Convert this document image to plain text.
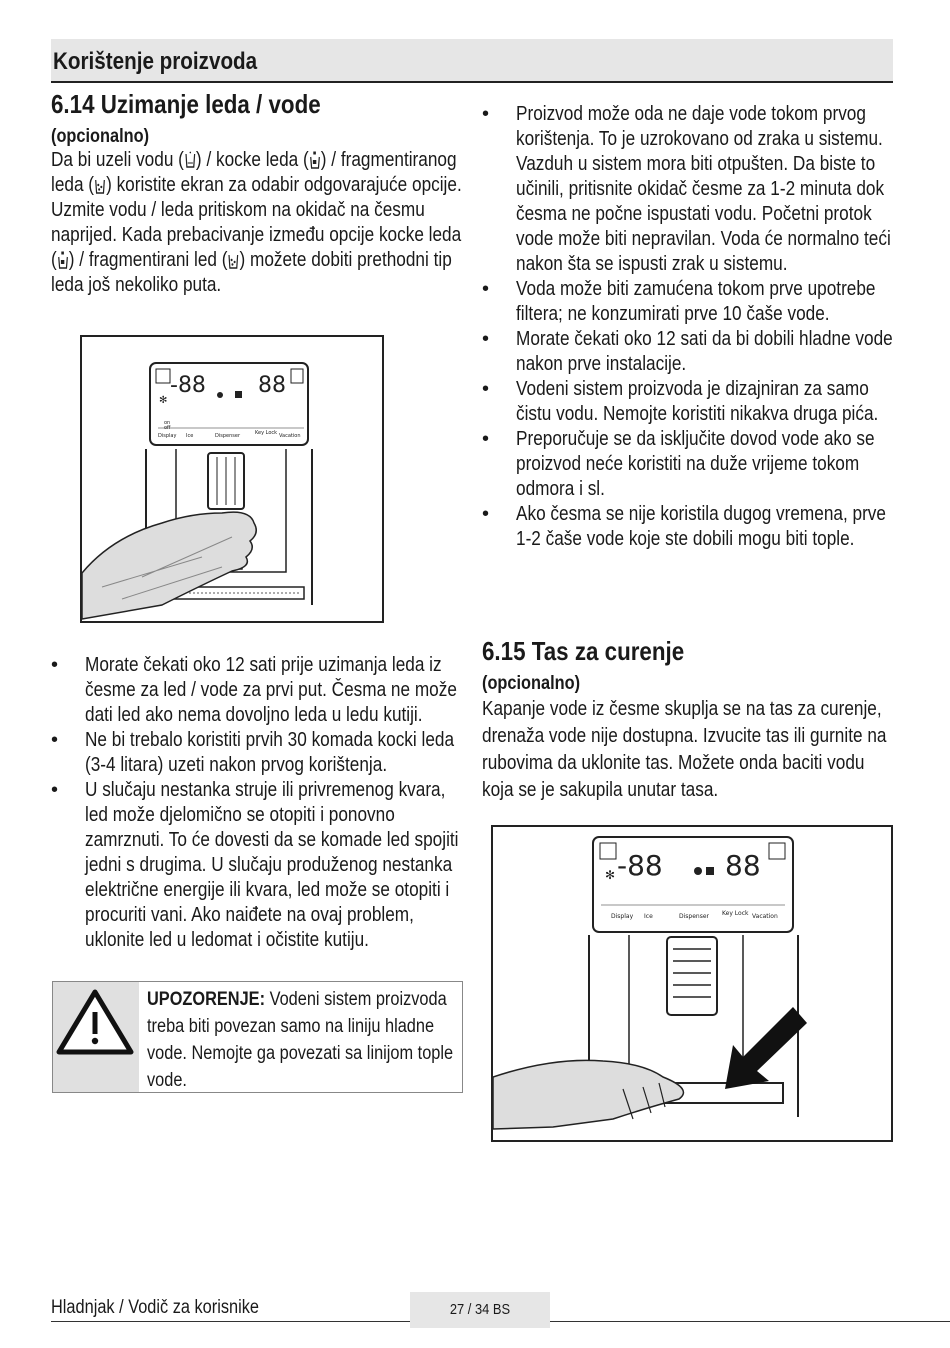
Korištenje proizvoda
6.14 Uzimanje leda / vode
(opcionalno)

Da bi uzeli vodu ( ) / kocke leda ( ) / fragmentiranog leda ( ) koristite ekran za odabir odgovarajuće opcije. Uzmite vodu / leda pritiskom na okidač na česmu naprijed. Kada prebacivanje između opcije kocke leda ( ) / fragmentirani led ( ) možete dobiti prethodni tip leda još nekoliko puta.

-88 88
✻
on
off
Display Ice	Dispenser	Key Lock Vacation
• Morate čekati oko 12 sati prije uzimanja leda iz česme za led / vode za prvi put. Česma ne može dati led ako nema dovoljno leda u ledu kutiji.
• Ne bi trebalo koristiti prvih 30 komada kocki leda (3-4 litara) uzeti nakon prvog korištenja.
• U slučaju nestanka struje ili privremenog kvara, led može djelomično se otopiti i ponovno zamrznuti. To će dovesti da se komade led spojiti jedni s drugima. U slučaju produženog nestanka električne energije ili kvara, led može se otopiti i procuriti vani. Ako naiđete na ovaj problem, uklonite led u ledomat i očistite kutiju.
UPOZORENJE: Vodeni sistem proizvoda treba biti povezan samo na liniju hladne vode. Nemojte ga povezati sa linijom tople vode.
• Proizvod može oda ne daje vode tokom prvog korištenja. To je uzrokovano od zraka u sistemu. Vazduh u sistem mora biti otpušten. Da biste to učinili, pritisnite okidač česme za 1-2 minuta dok česma ne počne ispustati vodu. Početni protok vode može biti nepravilan. Voda će normalno teći nakon šta se ispusti zrak u sistemu.
• Voda može biti zamućena tokom prve upotrebe filtera; ne konzumirati prve 10 čaše vode.
• Morate čekati oko 12 sati da bi dobili hladne vode nakon prve instalacije.
• Vodeni sistem proizvoda je dizajniran za samo čistu vodu. Nemojte koristiti nikakva druga pića.
• Preporučuje se da isključite dovod vode ako se proizvod neće koristiti na duže vrijeme tokom odmora i sl.
• Ako česma se nije koristila dugog vremena, prve 1-2 čaše vode koje ste dobili mogu biti tople.
6.15 Tas za curenje
(opcionalno)

Kapanje vode iz česme skuplja se na tas za curenje, drenaža vode nije dostupna. Izvucite tas ili gurnite na rubovima da uklonite tas. Možete onda baciti vodu koja se je sakupila unutar tasa.

-88 88
✻
Display Ice	Dispenser Key Lock Vacation
Hladnjak / Vodič za korisnike	27 / 34 BS
